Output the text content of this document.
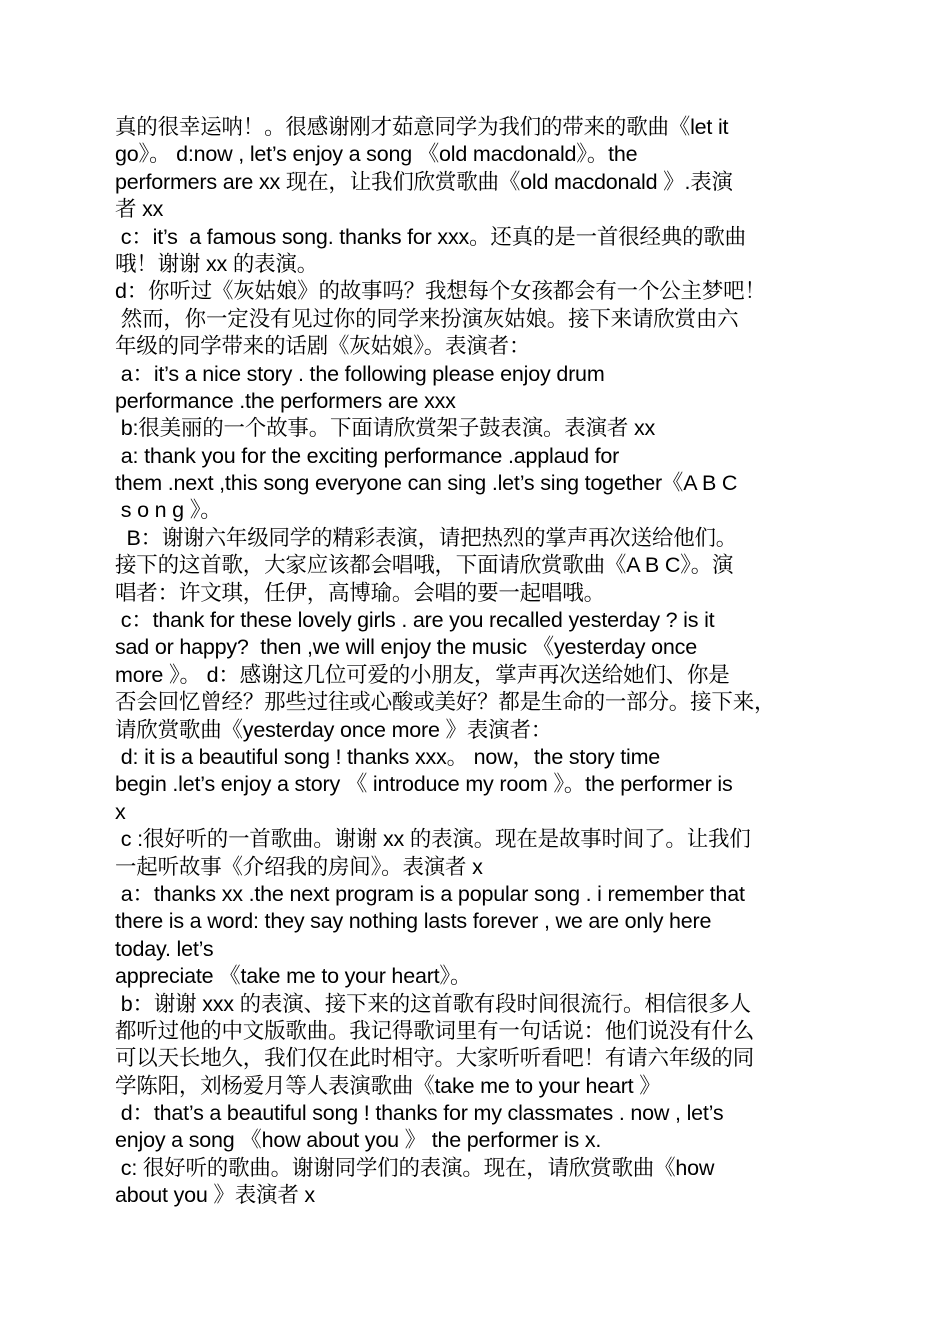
真的很幸运呐！。很感谢刚才茹意同学为我们的带来的歌曲《let it
go》。 d:now , let’s enjoy a song 《old macdonald》。the
performers are xx 现在，让我们欣赏歌曲《old macdonald 》.表演
者 xx
c：it’s  a famous song. thanks for xxx。还真的是一首很经典的歌曲
哦！谢谢 xx 的表演。
d：你听过《灰姑娘》的故事吗？我想每个女孩都会有一个公主梦吧！
然而，你一定没有见过你的同学来扮演灰姑娘。接下来请欣赏由六
年级的同学带来的话剧《灰姑娘》。表演者：
a：it’s a nice story . the following please enjoy drum
performance .the performers are xxx
b:很美丽的一个故事。下面请欣赏架子鼓表演。表演者 xx
a: thank you for the exciting performance .applaud for
them .next ,this song everyone can sing .let’s sing together《A B C
s o n g 》。
B：谢谢六年级同学的精彩表演，请把热烈的掌声再次送给他们。
接下的这首歌，大家应该都会唱哦，下面请欣赏歌曲《A B C》。演
唱者：许文琪，任伊，高博瑜。会唱的要一起唱哦。
c：thank for these lovely girls . are you recalled yesterday ? is it
sad or happy?  then ,we will enjoy the music 《yesterday once
more 》。 d：感谢这几位可爱的小朋友，掌声再次送给她们、你是
否会回忆曾经？那些过往或心酸或美好？都是生命的一部分。接下来，
请欣赏歌曲《yesterday once more 》表演者：
d: it is a beautiful song ! thanks xxx。 now，the story time
begin .let’s enjoy a story 《 introduce my room 》。the performer is
x
c :很好听的一首歌曲。谢谢 xx 的表演。现在是故事时间了。让我们
一起听故事《介绍我的房间》。表演者 x
a：thanks xx .the next program is a popular song . i remember that
there is a word: they say nothing lasts forever , we are only here
today. let’s
appreciate 《take me to your heart》。
b：谢谢 xxx 的表演、接下来的这首歌有段时间很流行。相信很多人
都听过他的中文版歌曲。我记得歌词里有一句话说：他们说没有什么
可以天长地久，我们仅在此时相守。大家听听看吧！有请六年级的同
学陈阳，刘杨爱月等人表演歌曲《take me to your heart 》
d：that’s a beautiful song ! thanks for my classmates . now , let’s
enjoy a song 《how about you 》 the performer is x.
c: 很好听的歌曲。谢谢同学们的表演。现在，请欣赏歌曲《how
about you 》表演者 x
